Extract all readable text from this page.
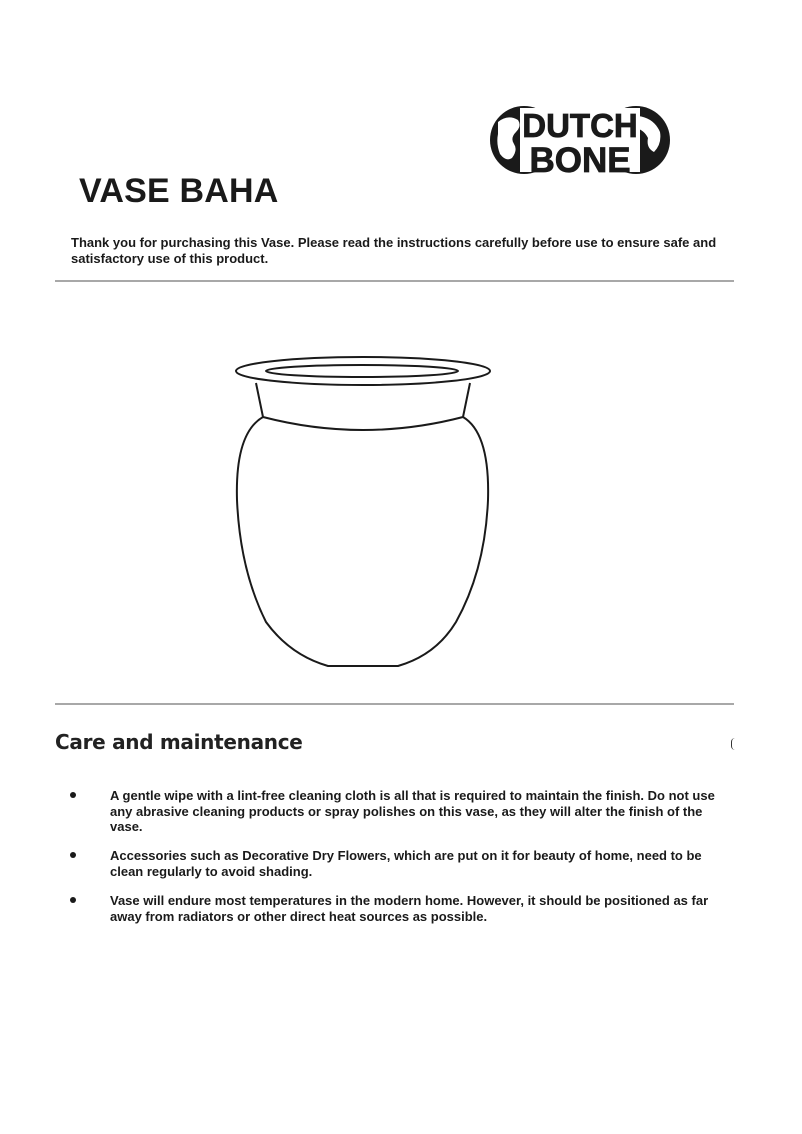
DUTCH
BONE
VASE BAHA

Thank you for purchasing this Vase. Please read the instructions carefully before use to ensure safe and satisfactory use of this product.

Care and maintenance
A gentle wipe with a lint-free cleaning cloth is all that is required to maintain the finish. Do not use any abrasive cleaning products or spray polishes on this vase, as they will alter the finish of the vase.
Accessories such as Decorative Dry Flowers, which are put on it for beauty of home, need to be clean regularly to avoid shading.
Vase will endure most temperatures in the modern home. However, it should be positioned as far away from radiators or other direct heat sources as possible.
